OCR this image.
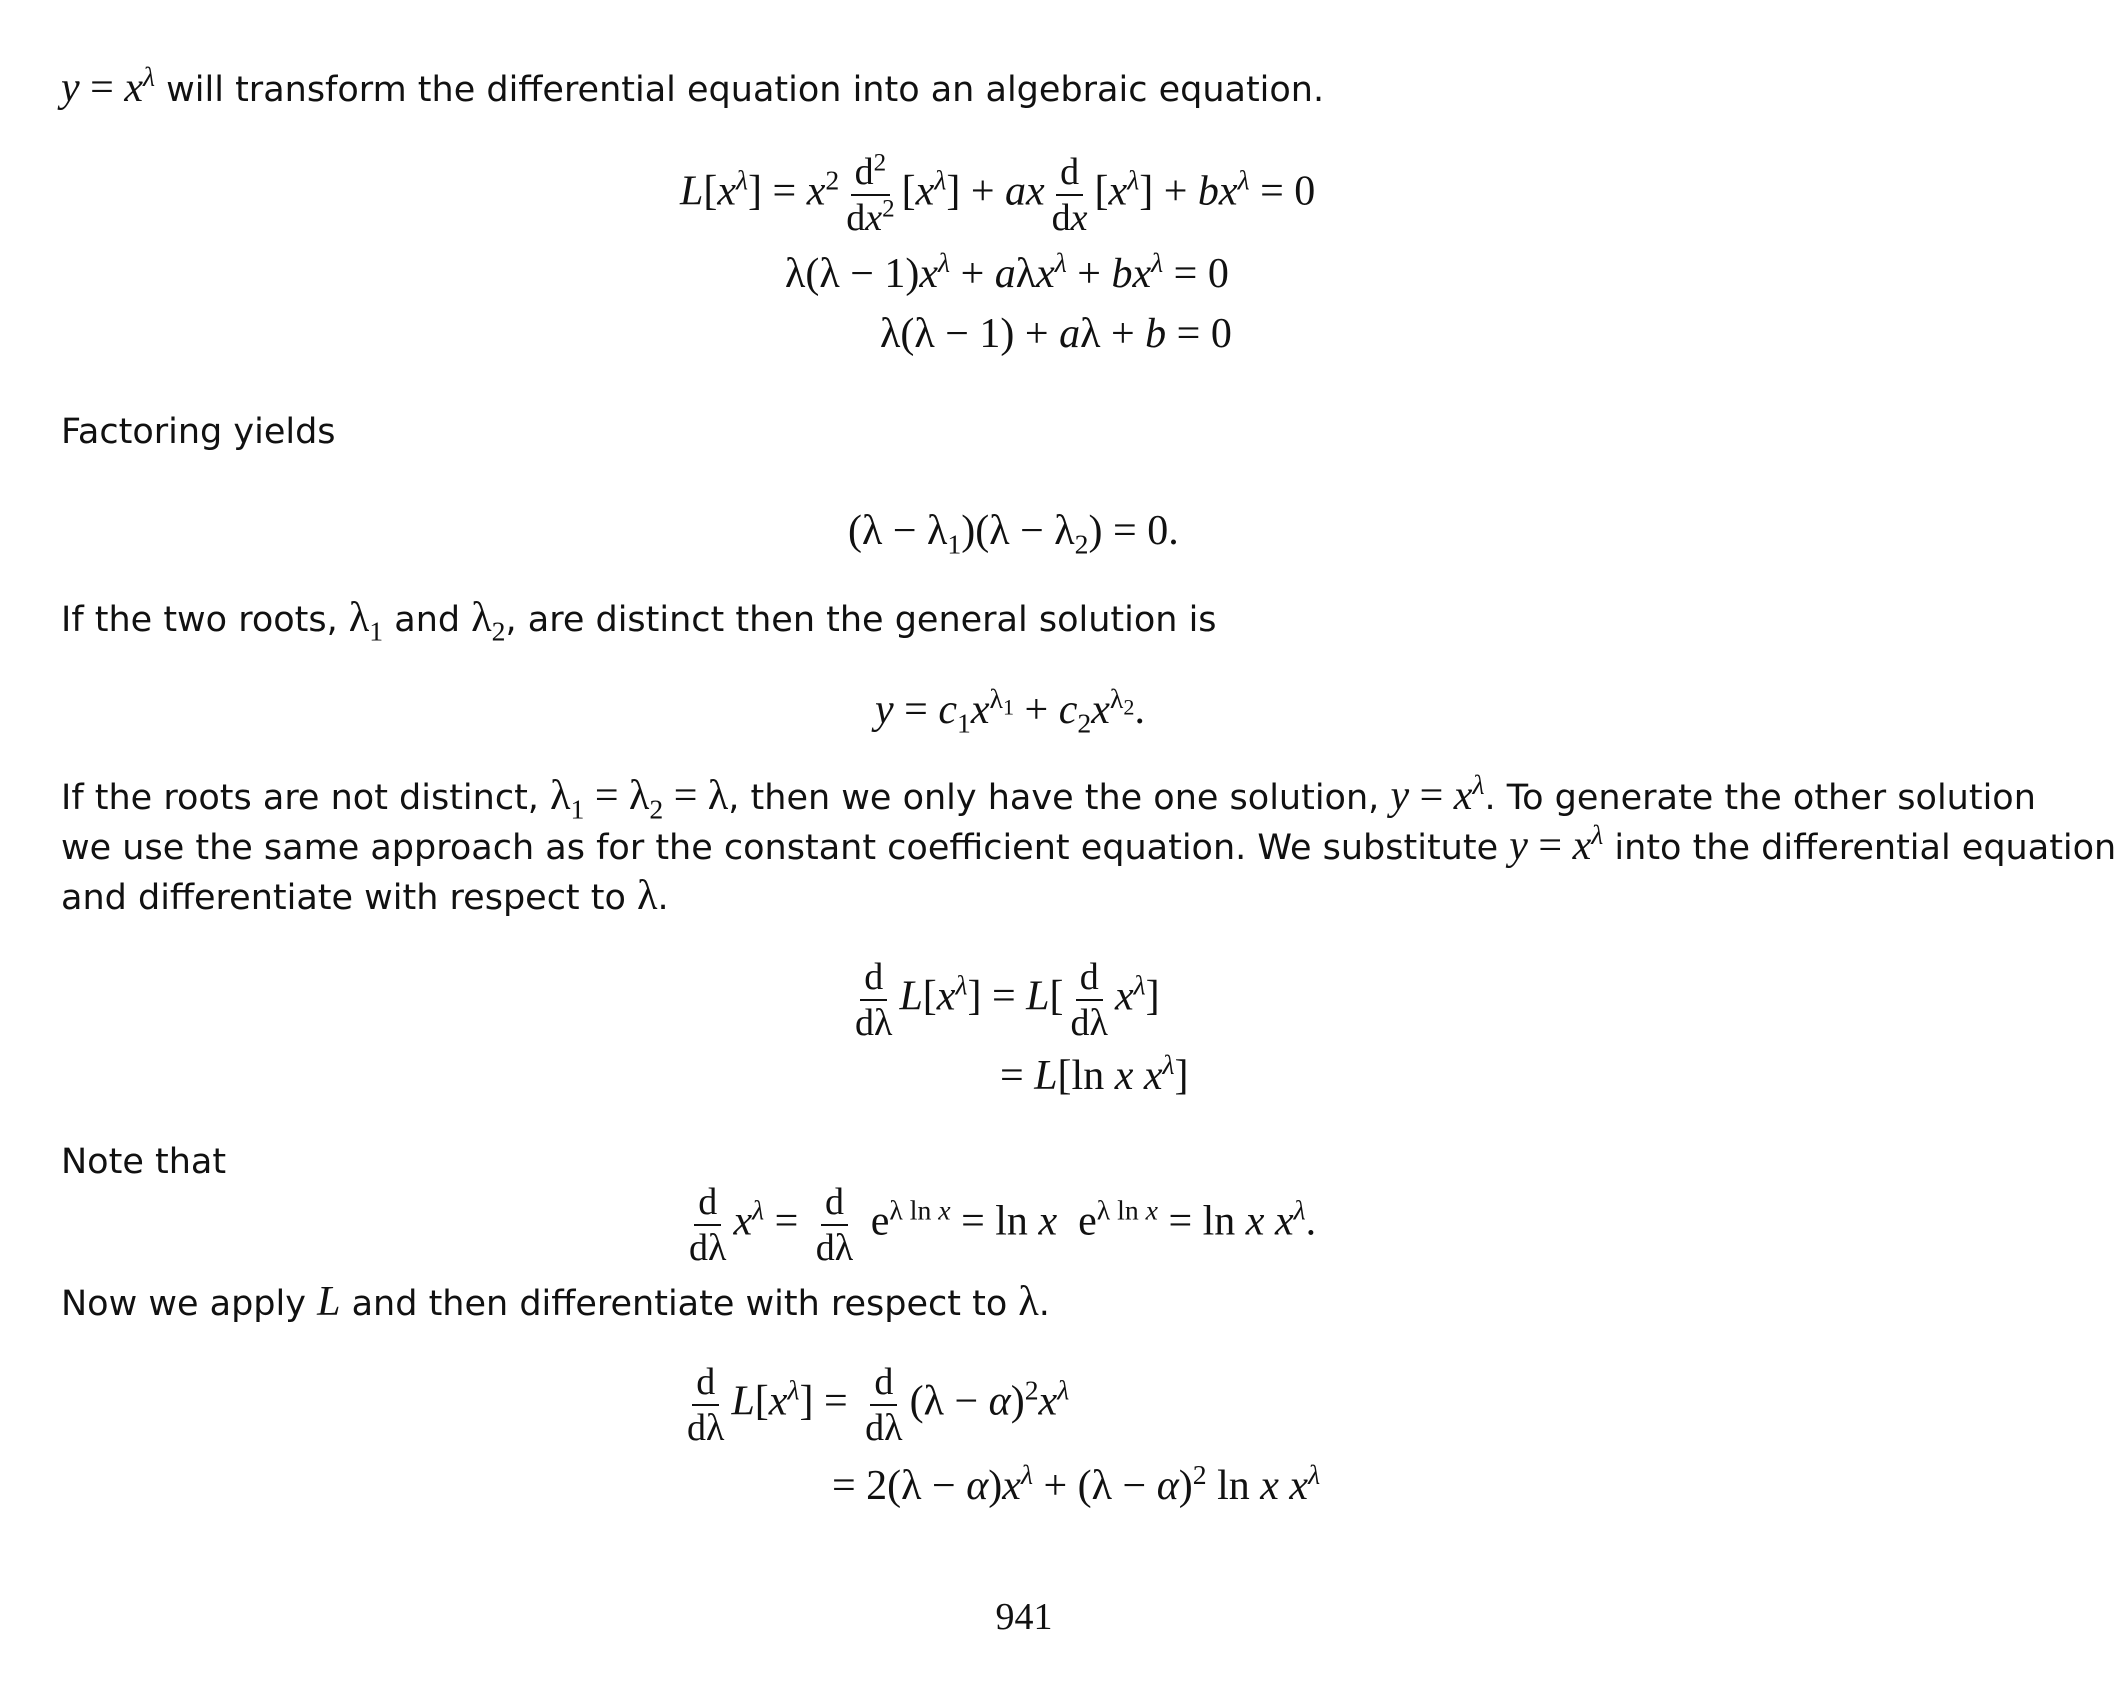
$y = x^\lambda$ will transform the differential equation into an algebraic equation.
$L[x^\lambda] = x^2 \frac{d^2}{dx^2} [x^\lambda]$ + ax $\frac{d}{dx} [x^\lambda] + bx^\lambda = 0$
$\lambda(\lambda - 1)x^\lambda + a\lambda x^\lambda + bx^\lambda = 0$
λ(λ − 1) + aλ + b = 0
Factoring yields
$(\lambda - \lambda_1)(\lambda - \lambda_2) = 0$.
If the two roots, $\lambda_1$ and $\lambda_2$, are distinct then the general solution is
$y = c_1x^{\lambda_1} + c_2x^{\lambda_2}$.
If the roots are not distinct, $\lambda_1 = \lambda_2 = \lambda$, then we only have the one solution, $y = x^\lambda$. To generate the other solution
we use the same approach as for the constant coefficient equation. We substitute $y = x^\lambda$ into the differential equation
and differentiate with respect to λ.
$\frac{d}{d\lambda} L[x^\lambda] = L[ \frac{d}{d\lambda} x^\lambda]$
= L[ln x $x^\lambda$]
Note that
$\frac{d}{d\lambda} x^\lambda = \frac{d}{d\lambda} e^{\lambda ln x} = \ln x$  $e^{\lambda ln x} = \ln x$ $x^\lambda$.
Now we apply L and then differentiate with respect to λ.
$\frac{d}{d\lambda} L[x^\lambda] = \frac{d}{d\lambda} (\lambda - \alpha)^2x^\lambda$
= $2(\lambda - \alpha)x^\lambda + (\lambda - \alpha)^2$ ln x $x^\lambda$
941
